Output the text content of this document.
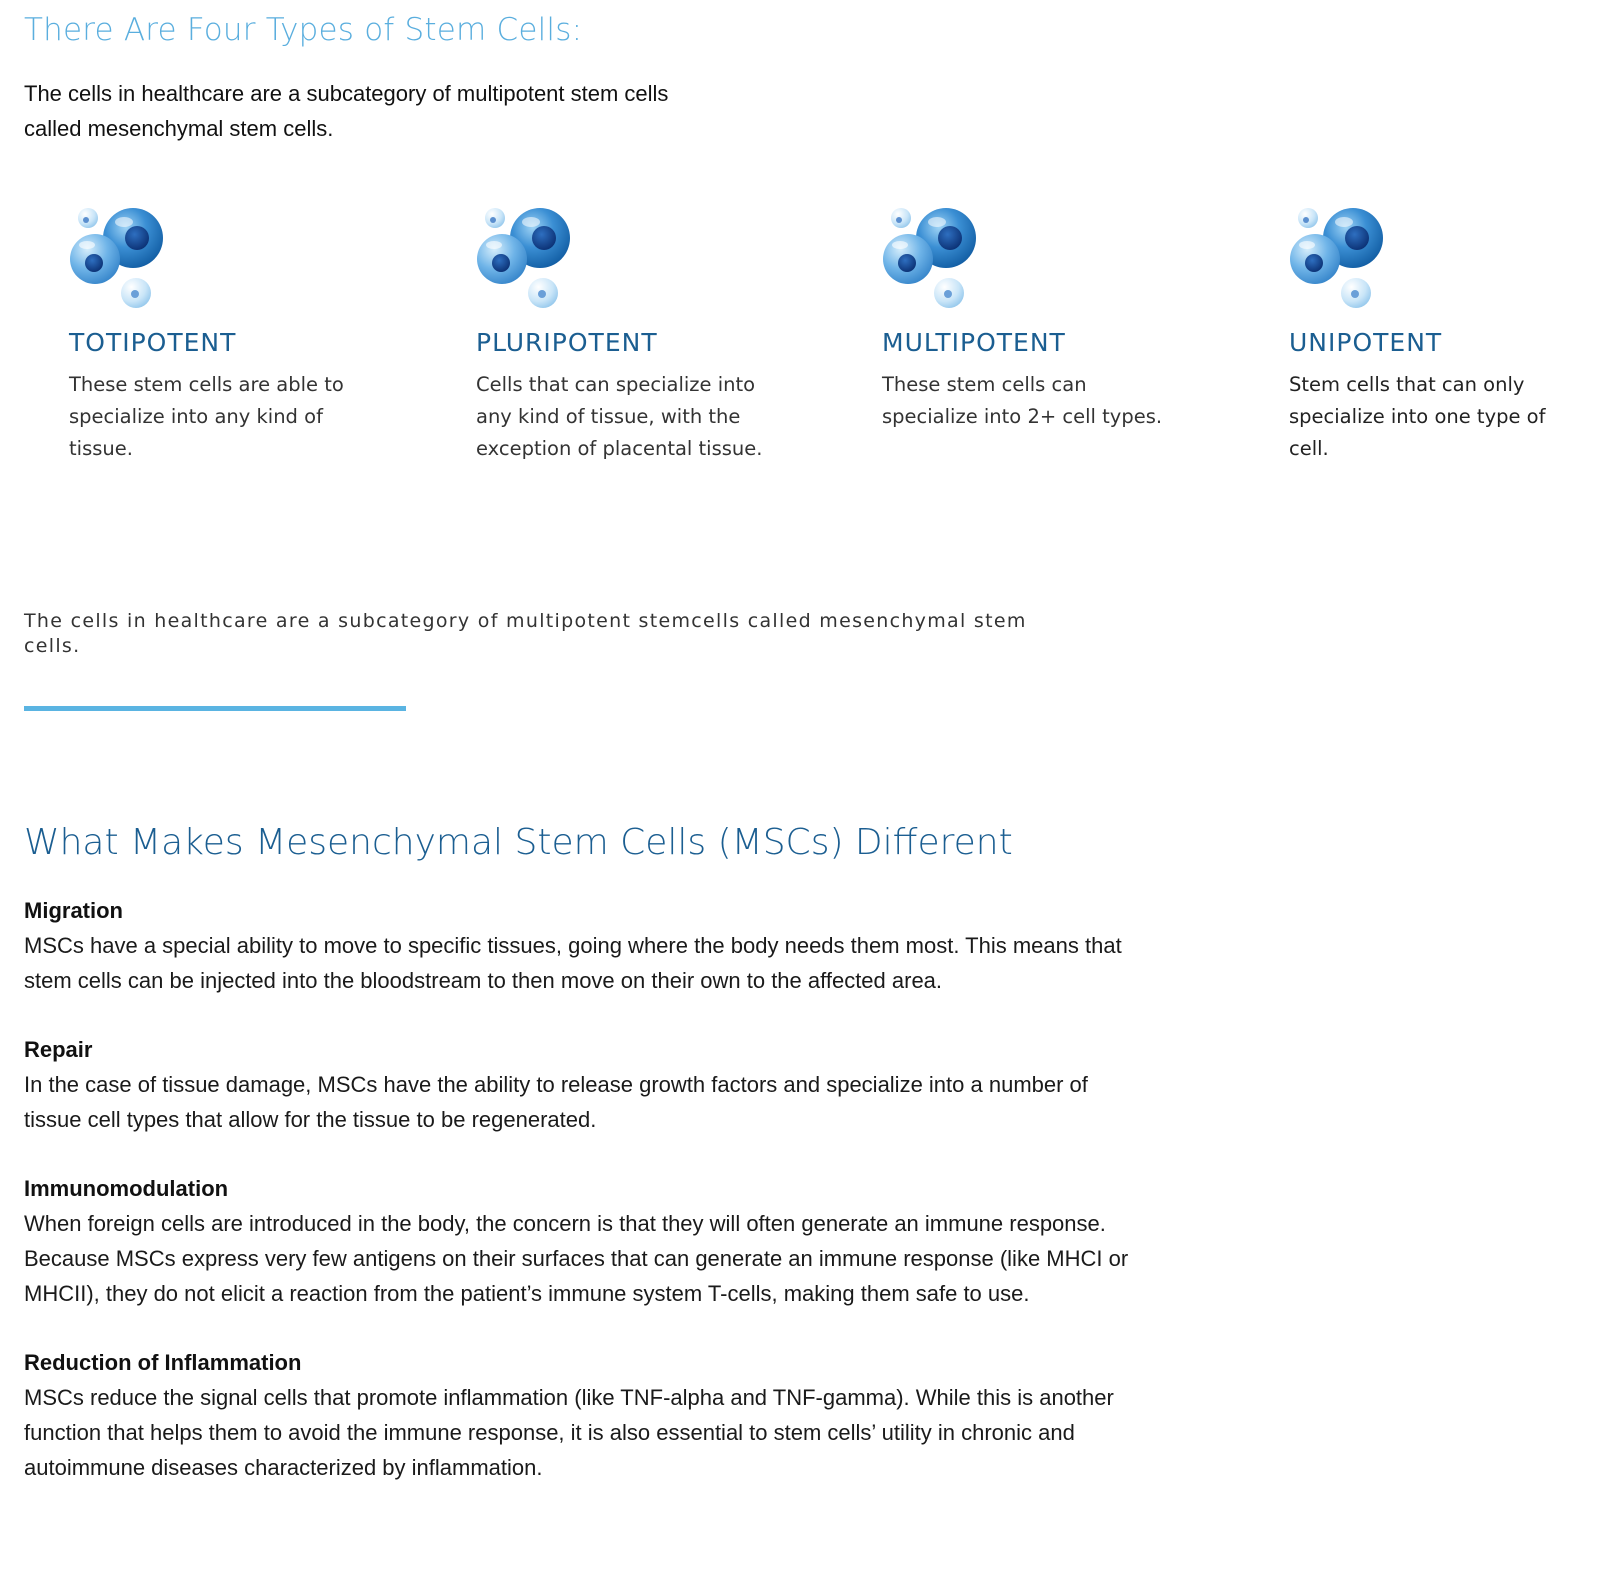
There Are Four Types of Stem Cells:

The cells in healthcare are a subcategory of multipotent stem cells called mesenchymal stem cells.

TOTIPOTENT

These stem cells are able to specialize into any kind of tissue.

PLURIPOTENT

Cells that can specialize into any kind of tissue, with the exception of placental tissue.

MULTIPOTENT

These stem cells can specialize into 2+ cell types.

UNIPOTENT

Stem cells that can only specialize into one type of cell.

The cells in healthcare are a subcategory of multipotent stemcells called mesenchymal stem cells.

What Makes Mesenchymal Stem Cells (MSCs) Different

Migration

MSCs have a special ability to move to specific tissues, going where the body needs them most. This means that stem cells can be injected into the bloodstream to then move on their own to the affected area.

Repair

In the case of tissue damage, MSCs have the ability to release growth factors and specialize into a number of tissue cell types that allow for the tissue to be regenerated.

Immunomodulation

When foreign cells are introduced in the body, the concern is that they will often generate an immune response. Because MSCs express very few antigens on their surfaces that can generate an immune response (like MHCI or MHCII), they do not elicit a reaction from the patient’s immune system T-cells, making them safe to use.

Reduction of Inflammation

MSCs reduce the signal cells that promote inflammation (like TNF-alpha and TNF-gamma). While this is another function that helps them to avoid the immune response, it is also essential to stem cells’ utility in chronic and autoimmune diseases characterized by inflammation.
